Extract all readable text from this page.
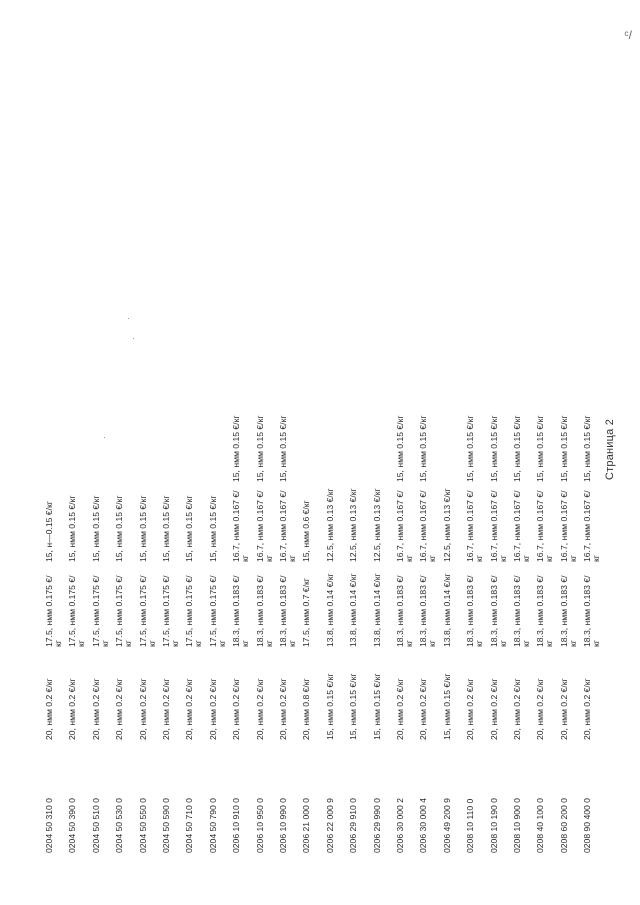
0204 50 310 0
20, нмм 0.2 €/кг
17.5, нмм 0.175 €/кг
15, н—0.15 €/кг
0204 50 390 0
20, нмм 0.2 €/кг
17.5, нмм 0.175 €/кг
15, нмм 0.15 €/кг
0204 50 510 0
20, нмм 0.2 €/кг
17.5, нмм 0.175 €/кг
15, нмм 0.15 €/кг
0204 50 530 0
20, нмм 0.2 €/кг
17.5, нмм 0.175 €/кг
15, нмм 0.15 €/кг
0204 50 550 0
20, нмм 0.2 €/кг
17.5, нмм 0.175 €/кг
15, нмм 0.15 €/кг
0204 50 590 0
20, нмм 0.2 €/кг
17.5, нмм 0.175 €/кг
15, нмм 0.15 €/кг
0204 50 710 0
20, нмм 0.2 €/кг
17.5, нмм 0.175 €/кг
15, нмм 0.15 €/кг
0204 50 790 0
20, нмм 0.2 €/кг
17.5, нмм 0.175 €/кг
15, нмм 0.15 €/кг
0206 10 910 0
20, нмм 0.2 €/кг
18.3, нмм 0.183 €/кг
16.7, нмм 0.167 €/кг
15, нмм 0.15 €/кг
0206 10 950 0
20, нмм 0.2 €/кг
18.3, нмм 0.183 €/кг
16.7, нмм 0.167 €/кг
15, нмм 0.15 €/кг
0206 10 990 0
20, нмм 0.2 €/кг
18.3, нмм 0.183 €/кг
16.7, нмм 0.167 €/кг
15, нмм 0.15 €/кг
0206 21 000 0
20, нмм 0.8 €/кг
17.5, нмм 0.7 €/кг
15, нмм 0.6 €/кг
0206 22 000 9
15, нмм 0.15 €/кг
13.8, нмм 0.14 €/кг
12.5, нмм 0.13 €/кг
0206 29 910 0
15, нмм 0.15 €/кг
13.8, нмм 0.14 €/кг
12.5, нмм 0.13 €/кг
0206 29 990 0
15, нмм 0.15 €/кг
13.8, нмм 0.14 €/кг
12.5, нмм 0.13 €/кг
0206 30 000 2
20, нмм 0.2 €/кг
18.3, нмм 0.183 €/кг
16.7, нмм 0.167 €/кг
15, нмм 0.15 €/кг
0206 30 000 4
20, нмм 0.2 €/кг
18.3, нмм 0.183 €/кг
16.7, нмм 0.167 €/кг
15, нмм 0.15 €/кг
0206 49 200 9
15, нмм 0.15 €/кг
13.8, нмм 0.14 €/кг
12.5, нмм 0.13 €/кг
0208 10 110 0
20, нмм 0.2 €/кг
18.3, нмм 0.183 €/кг
16.7, нмм 0.167 €/кг
15, нмм 0.15 €/кг
0208 10 190 0
20, нмм 0.2 €/кг
18.3, нмм 0.183 €/кг
16.7, нмм 0.167 €/кг
15, нмм 0.15 €/кг
0208 10 900 0
20, нмм 0.2 €/кг
18.3, нмм 0.183 €/кг
16.7, нмм 0.167 €/кг
15, нмм 0.15 €/кг
0208 40 100 0
20, нмм 0.2 €/кг
18.3, нмм 0.183 €/кг
16.7, нмм 0.167 €/кг
15, нмм 0.15 €/кг
0208 60 200 0
20, нмм 0.2 €/кг
18.3, нмм 0.183 €/кг
16.7, нмм 0.167 €/кг
15, нмм 0.15 €/кг
0208 90 400 0
20, нмм 0.2 €/кг
18.3, нмм 0.183 €/кг
16.7, нмм 0.167 €/кг
15, нмм 0.15 €/кг Страница 2
ᶜ/
